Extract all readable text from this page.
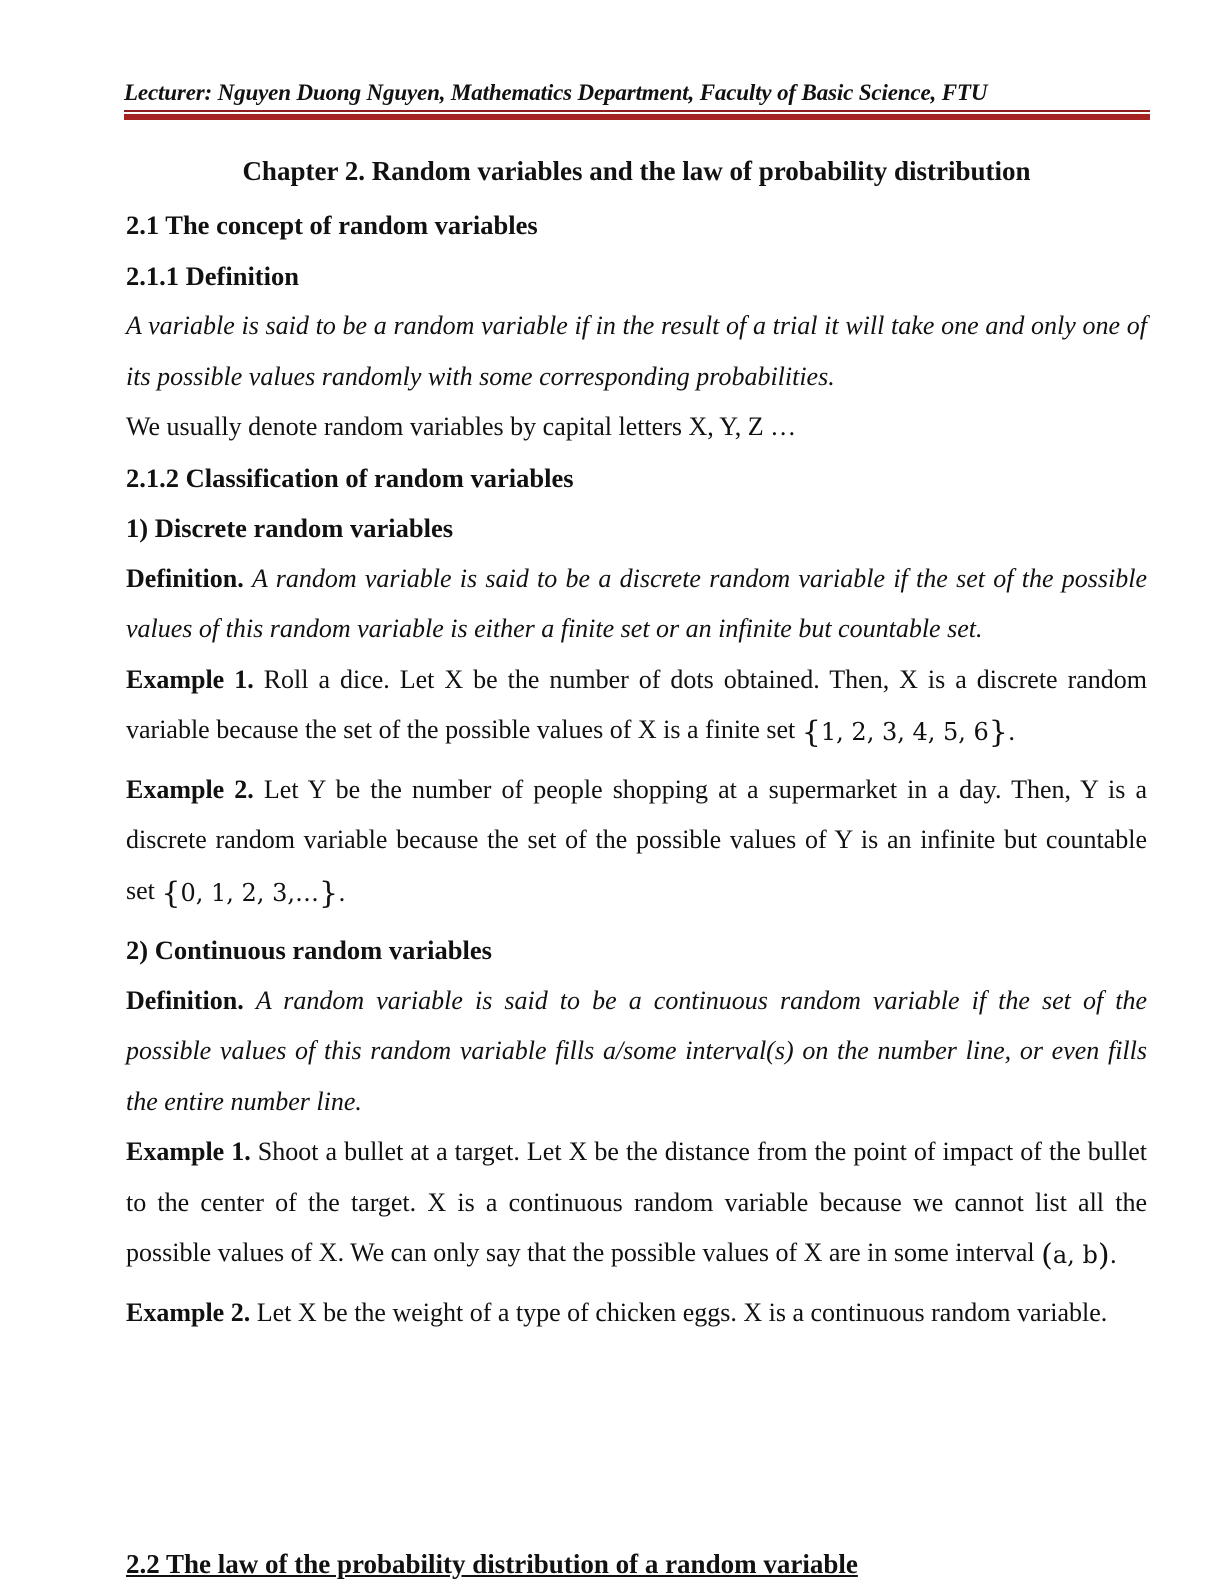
Lecturer: Nguyen Duong Nguyen, Mathematics Department, Faculty of Basic Science, FTU
Chapter 2. Random variables and the law of probability distribution
2.1 The concept of random variables
2.1.1 Definition
A variable is said to be a random variable if in the result of a trial it will take one and only one of its possible values randomly with some corresponding probabilities.
We usually denote random variables by capital letters X, Y, Z …
2.1.2 Classification of random variables
1) Discrete random variables
Definition. A random variable is said to be a discrete random variable if the set of the possible values of this random variable is either a finite set or an infinite but countable set.
Example 1. Roll a dice. Let X be the number of dots obtained. Then, X is a discrete random variable because the set of the possible values of X is a finite set {1, 2, 3, 4, 5, 6}.
Example 2. Let Y be the number of people shopping at a supermarket in a day. Then, Y is a discrete random variable because the set of the possible values of Y is an infinite but countable set {0, 1, 2, 3,…}.
2) Continuous random variables
Definition. A random variable is said to be a continuous random variable if the set of the possible values of this random variable fills a/some interval(s) on the number line, or even fills the entire number line.
Example 1. Shoot a bullet at a target. Let X be the distance from the point of impact of the bullet to the center of the target. X is a continuous random variable because we cannot list all the possible values of X. We can only say that the possible values of X are in some interval (a, b).
Example 2. Let X be the weight of a type of chicken eggs. X is a continuous random variable.
2.2 The law of the probability distribution of a random variable
